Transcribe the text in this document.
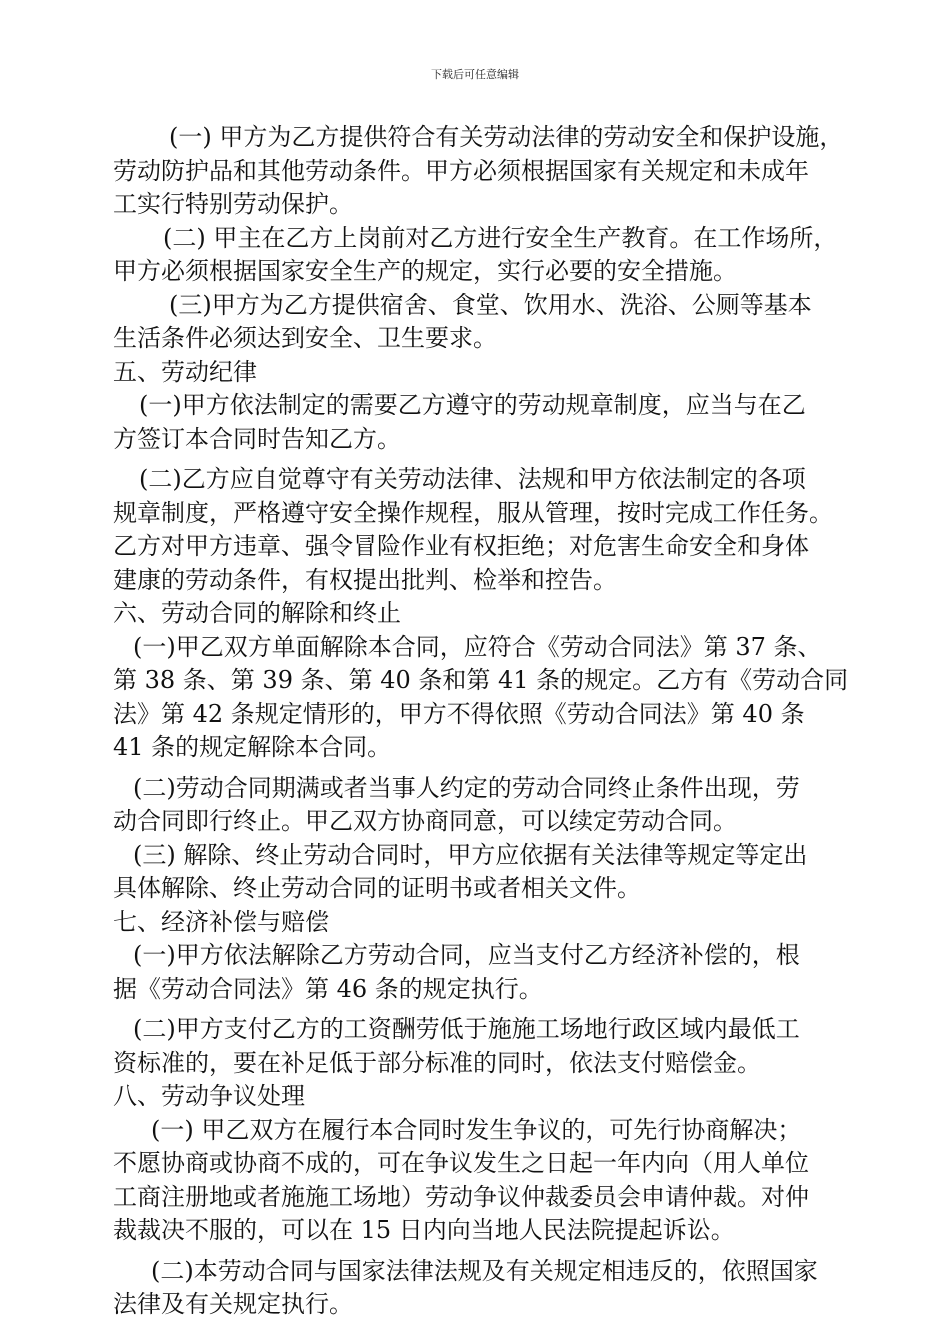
下载后可任意编辑
(一) 甲方为乙方提供符合有关劳动法律的劳动安全和保护设施，
劳动防护品和其他劳动条件。甲方必须根据国家有关规定和未成年
工实行特别劳动保护。
(二) 甲主在乙方上岗前对乙方进行安全生产教育。在工作场所，
甲方必须根据国家安全生产的规定，实行必要的安全措施。
(三)甲方为乙方提供宿舍、食堂、饮用水、洗浴、公厕等基本
生活条件必须达到安全、卫生要求。
五、劳动纪律
(一)甲方依法制定的需要乙方遵守的劳动规章制度，应当与在乙
方签订本合同时告知乙方。
(二)乙方应自觉尊守有关劳动法律、法规和甲方依法制定的各项
规章制度，严格遵守安全操作规程，服从管理，按时完成工作任务。
乙方对甲方违章、强令冒险作业有权拒绝；对危害生命安全和身体
建康的劳动条件，有权提出批判、检举和控告。
六、劳动合同的解除和终止
(一)甲乙双方单面解除本合同，应符合《劳动合同法》第 37 条、
第 38 条、第 39 条、第 40 条和第 41 条的规定。乙方有《劳动合同
法》第 42 条规定情形的，甲方不得依照《劳动合同法》第 40 条
41 条的规定解除本合同。
(二)劳动合同期满或者当事人约定的劳动合同终止条件出现，劳
动合同即行终止。甲乙双方协商同意，可以续定劳动合同。
(三) 解除、终止劳动合同时，甲方应依据有关法律等规定等定出
具体解除、终止劳动合同的证明书或者相关文件。
七、经济补偿与赔偿
(一)甲方依法解除乙方劳动合同，应当支付乙方经济补偿的，根
据《劳动合同法》第 46 条的规定执行。
(二)甲方支付乙方的工资酬劳低于施施工场地行政区域内最低工
资标准的，要在补足低于部分标准的同时，依法支付赔偿金。
八、劳动争议处理
(一) 甲乙双方在履行本合同时发生争议的，可先行协商解决；
不愿协商或协商不成的，可在争议发生之日起一年内向（用人单位
工商注册地或者施施工场地）劳动争议仲裁委员会申请仲裁。对仲
裁裁决不服的，可以在 15 日内向当地人民法院提起诉讼。
(二)本劳动合同与国家法律法规及有关规定相违反的，依照国家
法律及有关规定执行。
